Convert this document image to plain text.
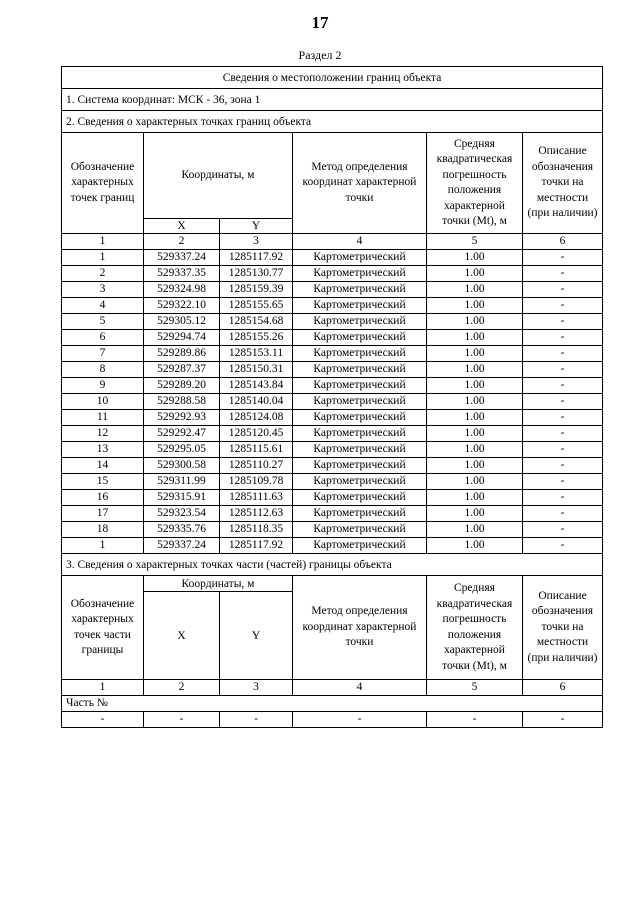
17
Раздел 2
Сведения о местоположении границ объекта					
1. Система координат: МСК - 36, зона 1					
2. Сведения о характерных точках границ объекта					
Обозначение характерных точек границ	Координаты, м		Метод определения координат характерной точки	Средняя квадратическая погрешность положения характерной точки (Mt), м	Описание обозначения точки на местности (при наличии)
	X	Y			
1	2	3	4	5	6
1	529337.24	1285117.92	Картометрический	1.00	-
2	529337.35	1285130.77	Картометрический	1.00	-
3	529324.98	1285159.39	Картометрический	1.00	-
4	529322.10	1285155.65	Картометрический	1.00	-
5	529305.12	1285154.68	Картометрический	1.00	-
6	529294.74	1285155.26	Картометрический	1.00	-
7	529289.86	1285153.11	Картометрический	1.00	-
8	529287.37	1285150.31	Картометрический	1.00	-
9	529289.20	1285143.84	Картометрический	1.00	-
10	529288.58	1285140.04	Картометрический	1.00	-
11	529292.93	1285124.08	Картометрический	1.00	-
12	529292.47	1285120.45	Картометрический	1.00	-
13	529295.05	1285115.61	Картометрический	1.00	-
14	529300.58	1285110.27	Картометрический	1.00	-
15	529311.99	1285109.78	Картометрический	1.00	-
16	529315.91	1285111.63	Картометрический	1.00	-
17	529323.54	1285112.63	Картометрический	1.00	-
18	529335.76	1285118.35	Картометрический	1.00	-
1	529337.24	1285117.92	Картометрический	1.00	-
3. Сведения о характерных точках части (частей) границы объекта					
Обозначение характерных точек части границы	Координаты, м		Метод определения координат характерной точки	Средняя квадратическая погрешность положения характерной точки (Mt), м	Описание обозначения точки на местности (при наличии)
	X	Y			
1	2	3	4	5	6
Часть №					
-	-	-	-	-	-
